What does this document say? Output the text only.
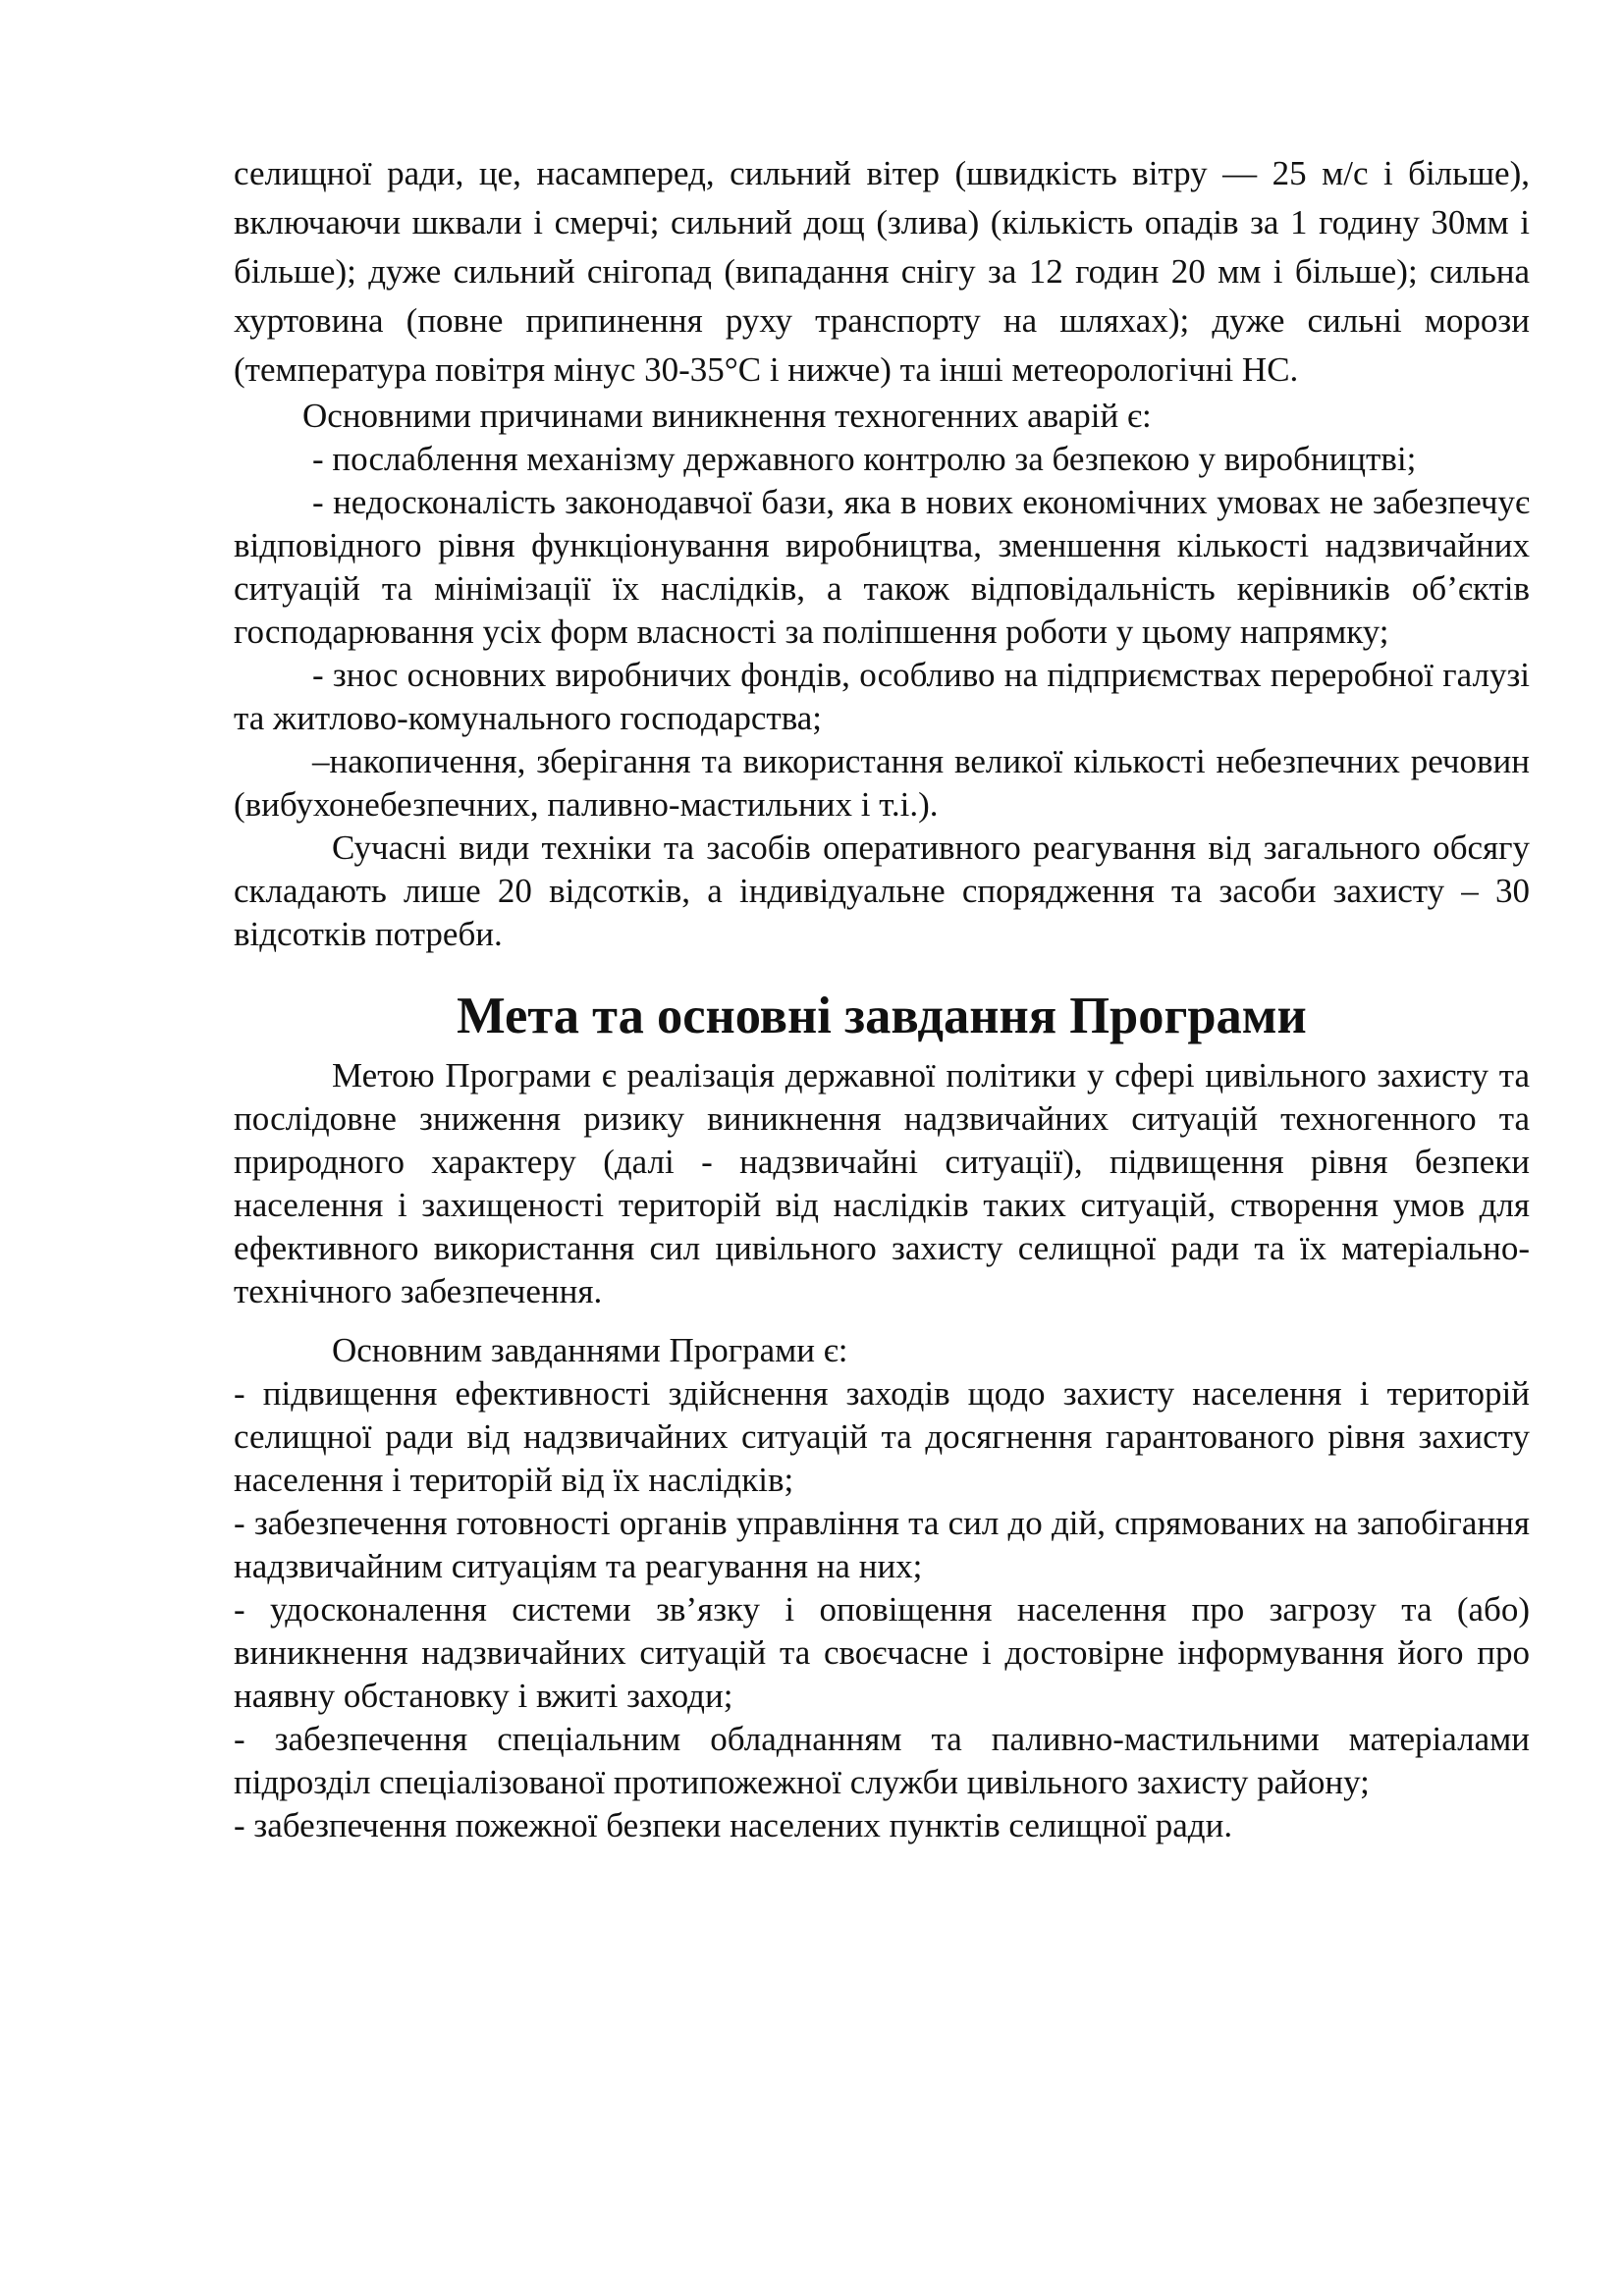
селищної ради, це, насамперед, сильний вітер (швидкість вітру — 25 м/с і більше), включаючи шквали і смерчі; сильний дощ (злива) (кількість опадів за 1 годину 30мм і більше); дуже сильний снігопад (випадання снігу за 12 годин 20 мм і більше); сильна хуртовина (повне припинення руху транспорту на шляхах); дуже сильні морози (температура повітря мінус 30-35°С і нижче) та інші метеорологічні НС.

Основними причинами виникнення техногенних аварій є:

- послаблення механізму державного контролю за безпекою у виробництві;

- недосконалість законодавчої бази, яка в нових економічних умовах не забезпечує відповідного рівня функціонування виробництва, зменшення кількості надзвичайних ситуацій та мінімізації їх наслідків, а також відповідальність керівників об’єктів господарювання усіх форм власності за поліпшення роботи у цьому напрямку;

- знос основних виробничих фондів, особливо на підприємствах переробної галузі та житлово-комунального господарства;

–накопичення, зберігання та використання великої кількості небезпечних речовин (вибухонебезпечних, паливно-мастильних і т.і.).

Сучасні види техніки та засобів оперативного реагування від загального обсягу складають лише 20 відсотків, а індивідуальне спорядження та засоби захисту – 30 відсотків потреби.

Мета та основні завдання Програми

Метою Програми є реалізація державної політики у сфері цивільного захисту та послідовне зниження ризику виникнення надзвичайних ситуацій техногенного та природного характеру (далі - надзвичайні ситуації), підвищення рівня безпеки населення і захищеності територій від наслідків таких ситуацій, створення умов для ефективного використання сил цивільного захисту селищної ради та їх матеріально-технічного забезпечення.

Основним завданнями Програми є:

- підвищення ефективності здійснення заходів щодо захисту населення і територій селищної ради від надзвичайних ситуацій та досягнення гарантованого рівня захисту населення і територій від їх наслідків;

- забезпечення готовності органів управління та сил до дій, спрямованих на запобігання надзвичайним ситуаціям та реагування на них;

- удосконалення системи зв’язку і оповіщення населення про загрозу та (або) виникнення надзвичайних ситуацій та своєчасне і достовірне інформування його про наявну обстановку і вжиті заходи;

- забезпечення спеціальним обладнанням та паливно-мастильними матеріалами підрозділ спеціалізованої протипожежної служби цивільного захисту району;

- забезпечення пожежної безпеки населених пунктів селищної ради.
